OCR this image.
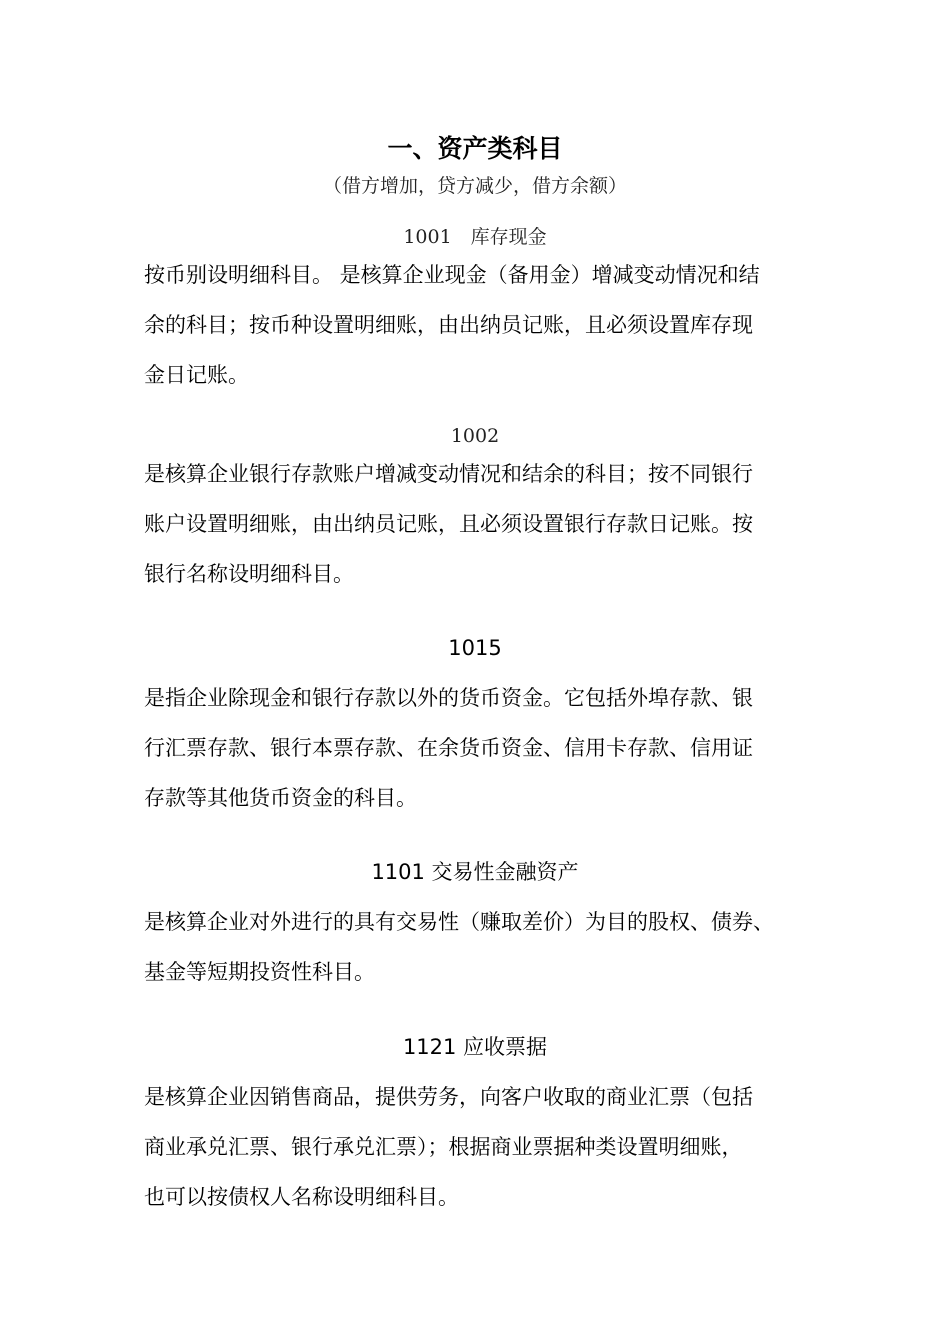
一、资产类科目
（借方增加，贷方减少，借方余额）
1001　库存现金
按币别设明细科目。 是核算企业现金（备用金）增减变动情况和结
余的科目；按币种设置明细账，由出纳员记账，且必须设置库存现
金日记账。
1002
是核算企业银行存款账户增减变动情况和结余的科目；按不同银行
账户设置明细账，由出纳员记账，且必须设置银行存款日记账。按
银行名称设明细科目。
1015
是指企业除现金和银行存款以外的货币资金。它包括外埠存款、银
行汇票存款、银行本票存款、在余货币资金、信用卡存款、信用证
存款等其他货币资金的科目。
1101 交易性金融资产
是核算企业对外进行的具有交易性（赚取差价）为目的股权、债券、
基金等短期投资性科目。
1121 应收票据
是核算企业因销售商品，提供劳务，向客户收取的商业汇票（包括
商业承兑汇票、银行承兑汇票）；根据商业票据种类设置明细账，
也可以按债权人名称设明细科目。
